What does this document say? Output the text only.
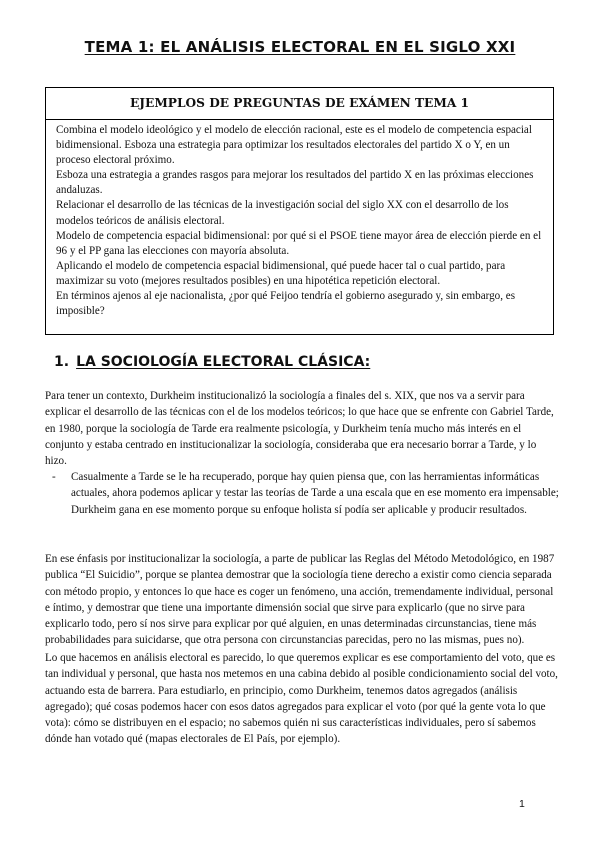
TEMA 1: EL ANÁLISIS ELECTORAL EN EL SIGLO XXI
EJEMPLOS DE PREGUNTAS DE EXÁMEN TEMA 1

Combina el modelo ideológico y el modelo de elección racional, este es el modelo de competencia espacial bidimensional. Esboza una estrategia para optimizar los resultados electorales del partido X o Y, en un proceso electoral próximo.

Esboza una estrategia a grandes rasgos para mejorar los resultados del partido X en las próximas elecciones andaluzas.

Relacionar el desarrollo de las técnicas de la investigación social del siglo XX con el desarrollo de los modelos teóricos de análisis electoral.

Modelo de competencia espacial bidimensional: por qué si el PSOE tiene mayor área de elección pierde en el 96 y el PP gana las elecciones con mayoría absoluta.

Aplicando el modelo de competencia espacial bidimensional, qué puede hacer tal o cual partido, para maximizar su voto (mejores resultados posibles) en una hipotética repetición electoral.

En términos ajenos al eje nacionalista, ¿por qué Feijoo tendría el gobierno asegurado y, sin embargo, es imposible?

1. LA SOCIOLOGÍA ELECTORAL CLÁSICA:

Para tener un contexto, Durkheim institucionalizó la sociología a finales del s. XIX, que nos va a servir para explicar el desarrollo de las técnicas con el de los modelos teóricos; lo que hace que se enfrente con Gabriel Tarde, en 1980, porque la sociología de Tarde era realmente psicología, y Durkheim tenía mucho más interés en el conjunto y estaba centrado en institucionalizar la sociología, consideraba que era necesario borrar a Tarde, y lo hizo.

-	Casualmente a Tarde se le ha recuperado, porque hay quien piensa que, con las herramientas informáticas actuales, ahora podemos aplicar y testar las teorías de Tarde a una escala que en ese momento era impensable; Durkheim gana en ese momento porque su enfoque holista sí podía ser aplicable y producir resultados.

En ese énfasis por institucionalizar la sociología, a parte de publicar las Reglas del Método Metodológico, en 1987 publica “El Suicidio”, porque se plantea demostrar que la sociología tiene derecho a existir como ciencia separada con método propio, y entonces lo que hace es coger un fenómeno, una acción, tremendamente individual, personal e íntimo, y demostrar que tiene una importante dimensión social que sirve para explicarlo (que no sirve para explicarlo todo, pero sí nos sirve para explicar por qué alguien, en unas determinadas circunstancias, tiene más probabilidades para suicidarse, que otra persona con circunstancias parecidas, pero no las mismas, pues no).

Lo que hacemos en análisis electoral es parecido, lo que queremos explicar es ese comportamiento del voto, que es tan individual y personal, que hasta nos metemos en una cabina debido al posible condicionamiento social del voto, actuando esta de barrera. Para estudiarlo, en principio, como Durkheim, tenemos datos agregados (análisis agregado); qué cosas podemos hacer con esos datos agregados para explicar el voto (por qué la gente vota lo que vota): cómo se distribuyen en el espacio; no sabemos quién ni sus características individuales, pero sí sabemos dónde han votado qué (mapas electorales de El País, por ejemplo).

1
